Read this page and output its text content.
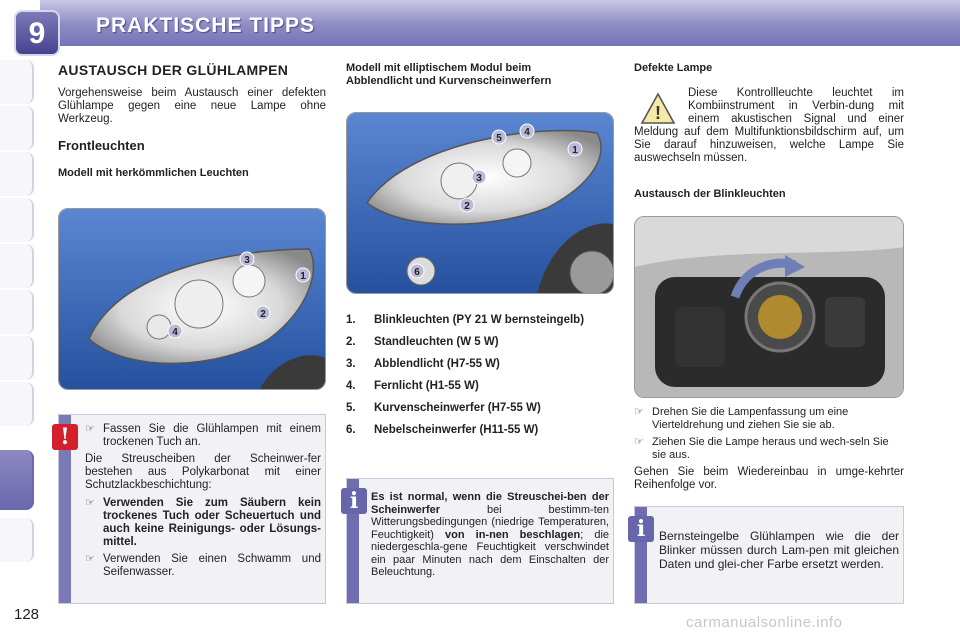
PRAKTISCHE TIPPS
9
AUSTAUSCH DER GLÜHLAMPEN

Vorgehensweise beim Austausch einer defekten Glühlampe gegen eine neue Lampe ohne Werkzeug.

Frontleuchten
Modell mit herkömmlichen Leuchten
3
1
2
4
☞ Fassen Sie die Glühlampen mit einem trockenen Tuch an.

Die Streuscheiben der Scheinwer-fer bestehen aus Polykarbonat mit einer Schutzlackbeschichtung:

☞ Verwenden Sie zum Säubern kein trockenes Tuch oder Scheuertuch und auch keine Reinigungs- oder Lösungs-mittel.
☞ Verwenden Sie einen Schwamm und Seifenwasser.
!
Modell mit elliptischem Modul beim Abblendlicht und Kurvenscheinwerfern
5
4
1
3
2
6
1.	Blinkleuchten (PY 21 W bernsteingelb)
2.	Standleuchten (W 5 W)
3.	Abblendlicht (H7-55 W)
4.	Fernlicht (H1-55 W)
5.	Kurvenscheinwerfer (H7-55 W)
6.	Nebelscheinwerfer (H11-55 W)

Es ist normal, wenn die Streuschei-ben der Scheinwerfer bei bestimm-ten Witterungsbedingungen (niedrige Temperaturen, Feuchtigkeit) von in-nen beschlagen; die niedergeschla-gene Feuchtigkeit verschwindet ein paar Minuten nach dem Einschalten der Beleuchtung.

i
Defekte Lampe
!

Diese Kontrollleuchte leuchtet im Kombiinstrument in Verbin-dung mit einem akustischen Signal und einer Meldung auf dem Multifunktionsbildschirm auf, um Sie darauf hinzuweisen, welche Lampe Sie auswechseln müssen.

Austausch der Blinkleuchten
☞ Drehen Sie die Lampenfassung um eine Vierteldrehung und ziehen Sie sie ab.
☞ Ziehen Sie die Lampe heraus und wech-seln Sie sie aus.

Gehen Sie beim Wiedereinbau in umge-kehrter Reihenfolge vor.

Bernsteingelbe Glühlampen wie die der Blinker müssen durch Lam-pen mit gleichen Daten und glei-cher Farbe ersetzt werden.

i
128	carmanualsonline.info
